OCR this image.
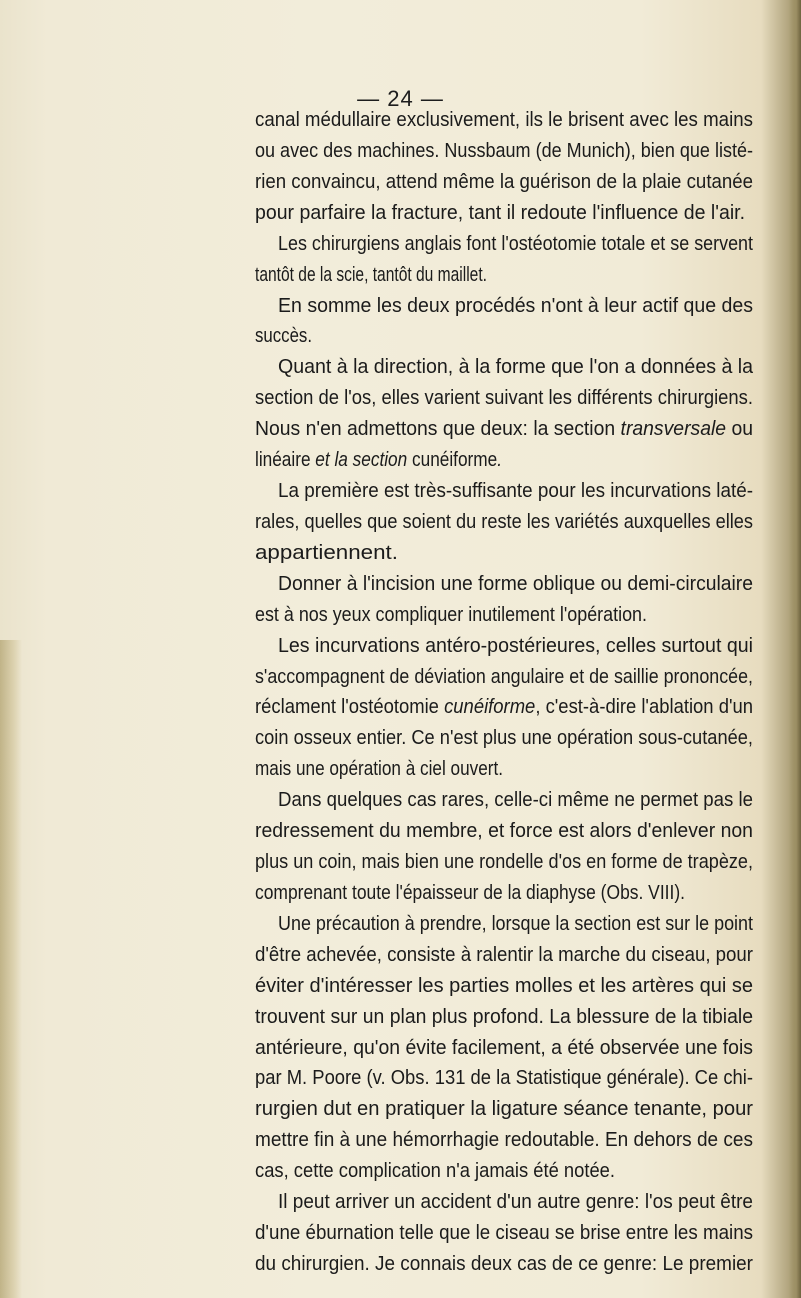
— 24 —
canal médullaire exclusivement, ils le brisent avec les mains
ou avec des machines. Nussbaum (de Munich), bien que listé-
rien convaincu, attend même la guérison de la plaie cutanée
pour parfaire la fracture, tant il redoute l'influence de l'air.
Les chirurgiens anglais font l'ostéotomie totale et se servent
tantôt de la scie, tantôt du maillet.
En somme les deux procédés n'ont à leur actif que des
succès.
Quant à la direction, à la forme que l'on a données à la
section de l'os, elles varient suivant les différents chirurgiens.
Nous n'en admettons que deux: la section transversale ou
linéaire et la section cunéiforme.
La première est très-suffisante pour les incurvations laté-
rales, quelles que soient du reste les variétés auxquelles elles
appartiennent.
Donner à l'incision une forme oblique ou demi-circulaire
est à nos yeux compliquer inutilement l'opération.
Les incurvations antéro-postérieures, celles surtout qui
s'accompagnent de déviation angulaire et de saillie prononcée,
réclament l'ostéotomie cunéiforme, c'est-à-dire l'ablation d'un
coin osseux entier. Ce n'est plus une opération sous-cutanée,
mais une opération à ciel ouvert.
Dans quelques cas rares, celle-ci même ne permet pas le
redressement du membre, et force est alors d'enlever non
plus un coin, mais bien une rondelle d'os en forme de trapèze,
comprenant toute l'épaisseur de la diaphyse (Obs. VIII).
Une précaution à prendre, lorsque la section est sur le point
d'être achevée, consiste à ralentir la marche du ciseau, pour
éviter d'intéresser les parties molles et les artères qui se
trouvent sur un plan plus profond. La blessure de la tibiale
antérieure, qu'on évite facilement, a été observée une fois
par M. Poore (v. Obs. 131 de la Statistique générale). Ce chi-
rurgien dut en pratiquer la ligature séance tenante, pour
mettre fin à une hémorrhagie redoutable. En dehors de ces
cas, cette complication n'a jamais été notée.
Il peut arriver un accident d'un autre genre: l'os peut être
d'une éburnation telle que le ciseau se brise entre les mains
du chirurgien. Je connais deux cas de ce genre: Le premier
